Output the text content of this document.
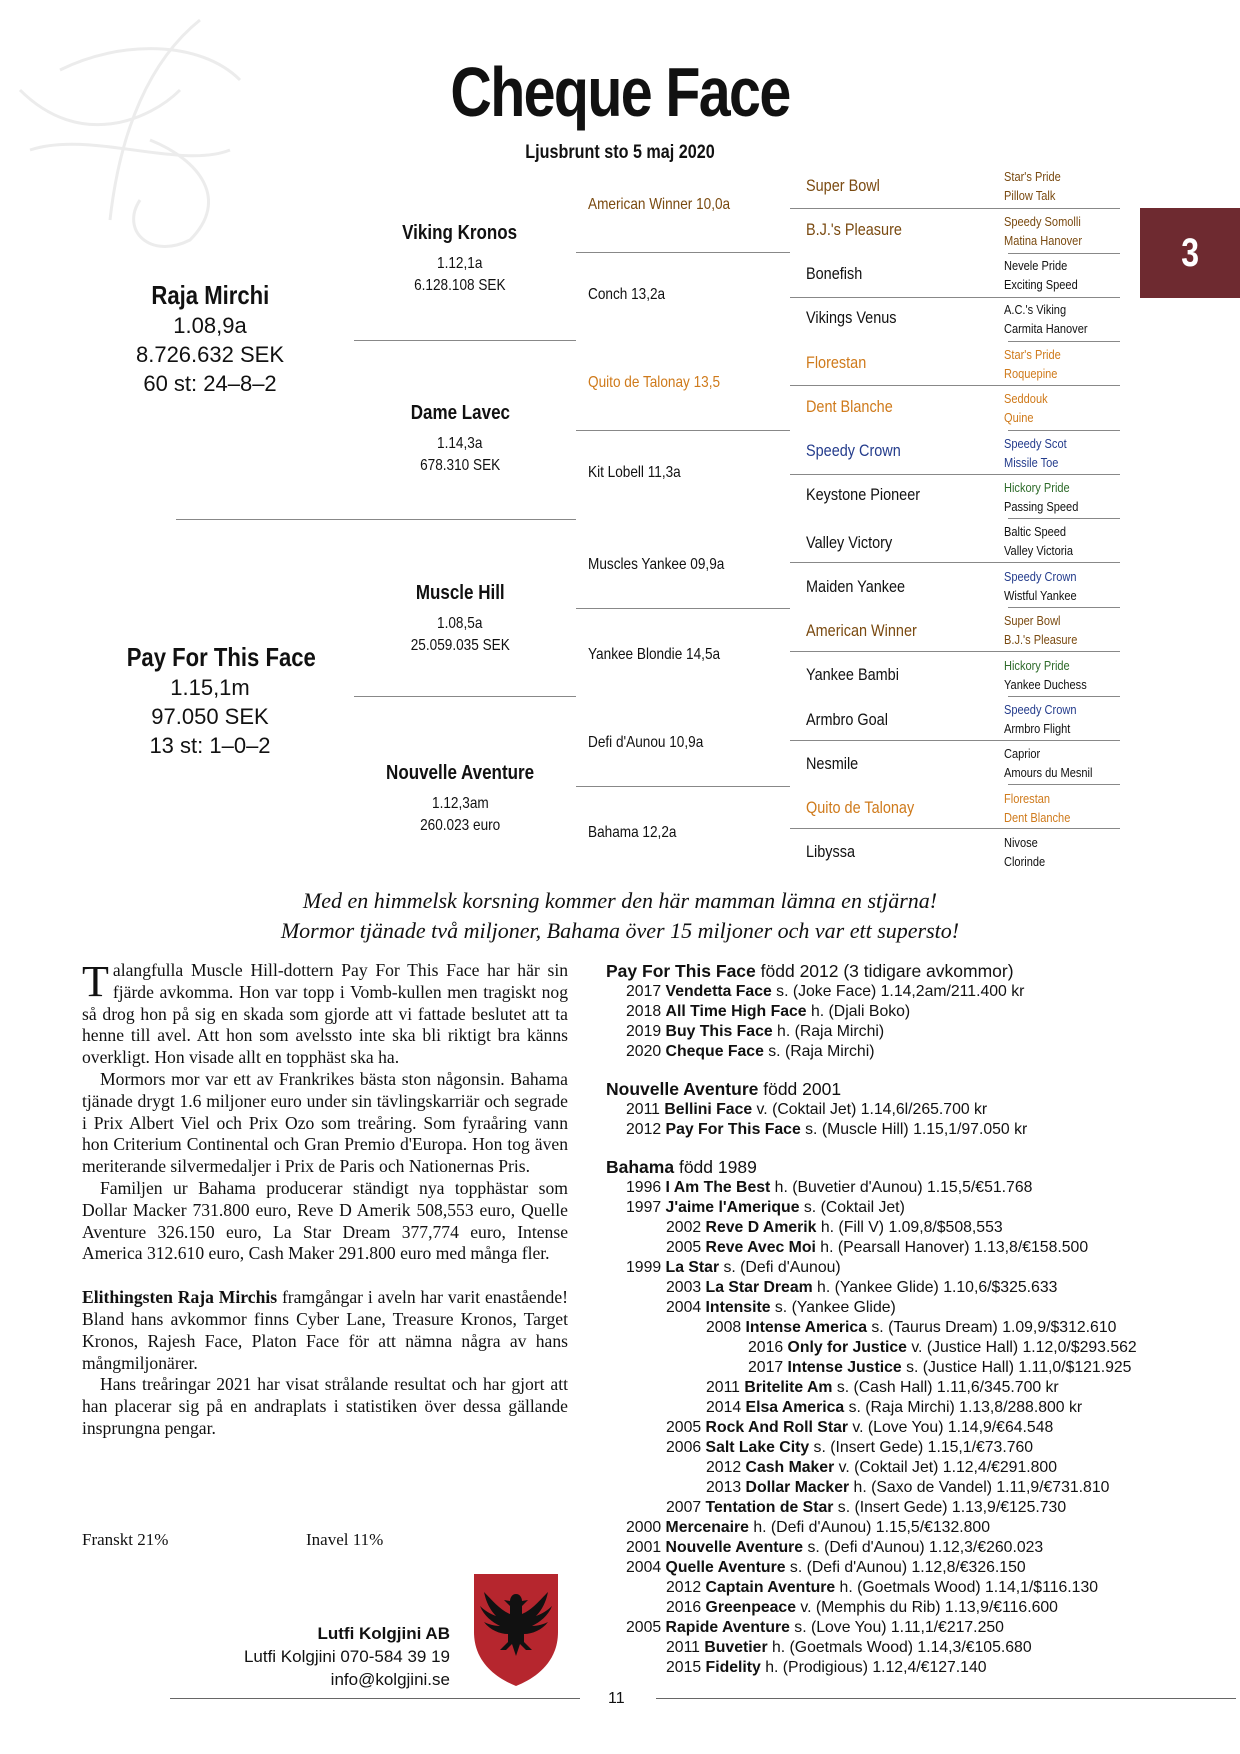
Cheque Face
Ljusbrunt sto 5 maj 2020
3
Raja Mirchi
1.08,9a
8.726.632 SEK
60 st: 24–8–2
Pay For This Face
1.15,1m
97.050 SEK
13 st: 1–0–2
Viking Kronos
1.12,1a
6.128.108 SEK
Dame Lavec
1.14,3a
678.310 SEK
Muscle Hill
1.08,5a
25.059.035 SEK
Nouvelle Aventure
1.12,3am
260.023 euro
American Winner 10,0a
Conch 13,2a
Quito de Talonay 13,5
Kit Lobell 11,3a
Muscles Yankee 09,9a
Yankee Blondie 14,5a
Defi d'Aunou 10,9a
Bahama 12,2a
Super Bowl
B.J.'s Pleasure
Bonefish
Vikings Venus
Florestan
Dent Blanche
Speedy Crown
Keystone Pioneer
Valley Victory
Maiden Yankee
American Winner
Yankee Bambi
Armbro Goal
Nesmile
Quito de Talonay
Libyssa
Star's Pride
Pillow Talk
Speedy Somolli
Matina Hanover
Nevele Pride
Exciting Speed
A.C.'s Viking
Carmita Hanover
Star's Pride
Roquepine
Seddouk
Quine
Speedy Scot
Missile Toe
Hickory Pride
Passing Speed
Baltic Speed
Valley Victoria
Speedy Crown
Wistful Yankee
Super Bowl
B.J.'s Pleasure
Hickory Pride
Yankee Duchess
Speedy Crown
Armbro Flight
Caprior
Amours du Mesnil
Florestan
Dent Blanche
Nivose
Clorinde
Med en himmelsk korsning kommer den här mamman lämna en stjärna!
Mormor tjänade två miljoner, Bahama över 15 miljoner och var ett supersto!

Talangfulla Muscle Hill-dottern Pay For This Face har här sin fjärde avkomma. Hon var topp i Vomb-kullen men tragiskt nog så drog hon på sig en skada som gjorde att vi fattade beslutet att ta henne till avel. Att hon som avelssto inte ska bli riktigt bra känns overkligt. Hon visade allt en topphäst ska ha.

Mormors mor var ett av Frankrikes bästa ston någonsin. Bahama tjänade drygt 1.6 miljoner euro under sin tävlingskarriär och segrade i Prix Albert Viel och Prix Ozo som treåring. Som fyraåring vann hon Criterium Continental och Gran Premio d'Europa. Hon tog även meriterande silvermedaljer i Prix de Paris och Nationernas Pris.

Familjen ur Bahama producerar ständigt nya topphästar som Dollar Macker 731.800 euro, Reve D Amerik 508,553 euro, Quelle Aventure 326.150 euro, La Star Dream 377,774 euro, Intense America 312.610 euro, Cash Maker 291.800 euro med många fler.

Elithingsten Raja Mirchis framgångar i aveln har varit enastående! Bland hans avkommor finns Cyber Lane, Treasure Kronos, Target Kronos, Rajesh Face, Platon Face för att nämna några av hans mångmiljonärer.

Hans treåringar 2021 har visat strålande resultat och har gjort att han placerar sig på en andraplats i statistiken över dessa gällande insprungna pengar.

Franskt 21%	Inavel 11%
Lutfi Kolgjini AB
Lutfi Kolgjini 070-584 39 19
info@kolgjini.se
11
Pay For This Face född 2012 (3 tidigare avkommor)
2017 Vendetta Face s. (Joke Face) 1.14,2am/211.400 kr
2018 All Time High Face h. (Djali Boko)
2019 Buy This Face h. (Raja Mirchi)
2020 Cheque Face s. (Raja Mirchi)
Nouvelle Aventure född 2001
2011 Bellini Face v. (Coktail Jet) 1.14,6l/265.700 kr
2012 Pay For This Face s. (Muscle Hill) 1.15,1/97.050 kr
Bahama född 1989
1996 I Am The Best h. (Buvetier d'Aunou) 1.15,5/€51.768
1997 J'aime l'Amerique s. (Coktail Jet)
2002 Reve D Amerik h. (Fill V) 1.09,8/$508,553
2005 Reve Avec Moi h. (Pearsall Hanover) 1.13,8/€158.500
1999 La Star s. (Defi d'Aunou)
2003 La Star Dream h. (Yankee Glide) 1.10,6/$325.633
2004 Intensite s. (Yankee Glide)
2008 Intense America s. (Taurus Dream) 1.09,9/$312.610
2016 Only for Justice v. (Justice Hall) 1.12,0/$293.562
2017 Intense Justice s. (Justice Hall) 1.11,0/$121.925
2011 Britelite Am s. (Cash Hall) 1.11,6/345.700 kr
2014 Elsa America s. (Raja Mirchi) 1.13,8/288.800 kr
2005 Rock And Roll Star v. (Love You) 1.14,9/€64.548
2006 Salt Lake City s. (Insert Gede) 1.15,1/€73.760
2012 Cash Maker v. (Coktail Jet) 1.12,4/€291.800
2013 Dollar Macker h. (Saxo de Vandel) 1.11,9/€731.810
2007 Tentation de Star s. (Insert Gede) 1.13,9/€125.730
2000 Mercenaire h. (Defi d'Aunou) 1.15,5/€132.800
2001 Nouvelle Aventure s. (Defi d'Aunou) 1.12,3/€260.023
2004 Quelle Aventure s. (Defi d'Aunou) 1.12,8/€326.150
2012 Captain Aventure h. (Goetmals Wood) 1.14,1/$116.130
2016 Greenpeace v. (Memphis du Rib) 1.13,9/€116.600
2005 Rapide Aventure s. (Love You) 1.11,1/€217.250
2011 Buvetier h. (Goetmals Wood) 1.14,3/€105.680
2015 Fidelity h. (Prodigious) 1.12,4/€127.140
